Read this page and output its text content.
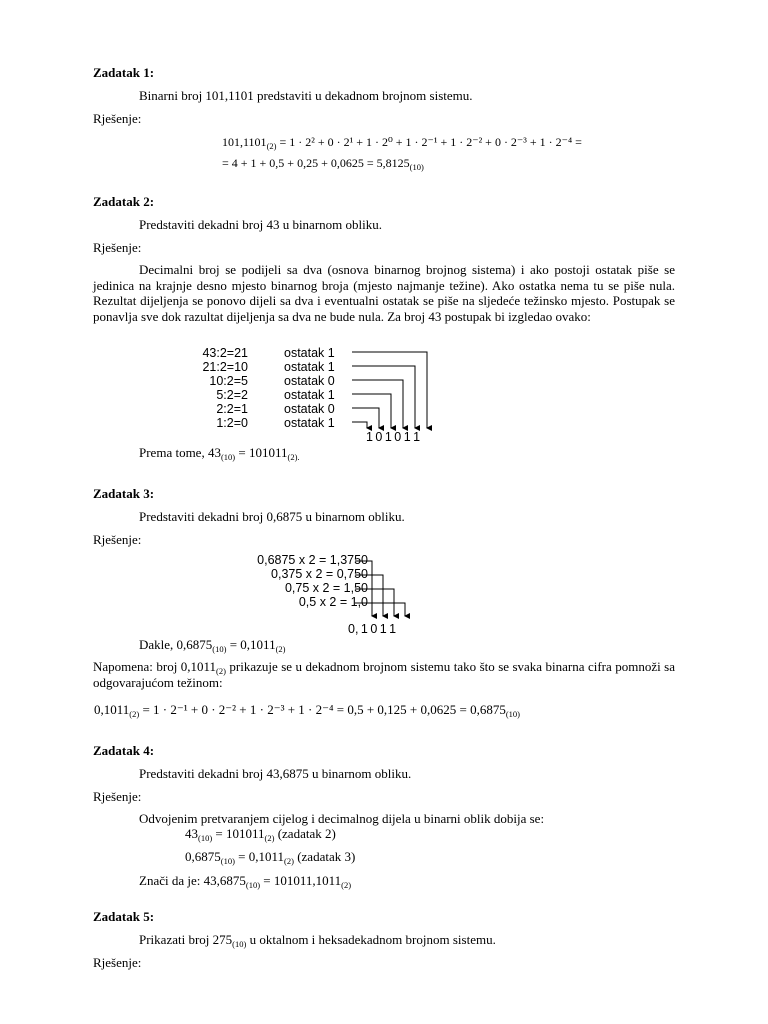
Zadatak 1:
Binarni broj 101,1101 predstaviti u dekadnom brojnom sistemu.
Rješenje:
$101,1101_{(2)} = 1 \cdot 2^2 + 0 \cdot 2^1 + 1 \cdot 2^0 + 1 \cdot 2^{-1} + 1 \cdot 2^{-2} + 0 \cdot 2^{-3} + 1 \cdot 2^{-4}$ =
= $4 + 1 + 0,5 + 0,25 + 0,0625 = 5,8125_{(10)}$
Zadatak 2:
Predstaviti dekadni broj 43 u binarnom obliku.
Rješenje:
Decimalni broj se podijeli sa dva (osnova binarnog brojnog sistema) i ako postoji ostatak piše se jedinica na krajnje desno mjesto binarnog broja (mjesto najmanje težine). Ako ostatka nema tu se piše nula. Rezultat dijeljenja se ponovo dijeli sa dva i eventualni ostatak se piše na sljedeće težinsko mjesto. Postupak se ponavlja sve dok razultat dijeljenja sa dva ne bude nula. Za broj 43 postupak bi izgledao ovako:
43:2=21	ostatak 1
21:2=10	ostatak 1
10:2=5	ostatak 0
5:2=2	ostatak 1
2:2=1	ostatak 0
1:2=0	ostatak 1
1 0 1 0 1 1
Prema tome, $43_{(10)} = 101011_{(2).}$
Zadatak 3:
Predstaviti dekadni broj 0,6875 u binarnom obliku.
Rješenje:
0,6875 x 2 = 1,3750
0,375 x 2 = 0,750
0,75 x 2 = 1,50
0,5 x 2 = 1,0
0, 1 0 1 1
Dakle, $0,6875_{(10)} = 0,1011_{(2)}$
Napomena: broj $0,1011_{(2)}$ prikazuje se u dekadnom brojnom sistemu tako što se svaka binarna cifra pomnoži sa odgovarajućom težinom:
$0,1011_{(2)} = 1 \cdot 2^{-1} + 0 \cdot 2^{-2} + 1 \cdot 2^{-3} + 1 \cdot 2^{-4} = 0,5 + 0,125 + 0,0625 = 0,6875_{(10)}$
Zadatak 4:
Predstaviti dekadni broj 43,6875 u binarnom obliku.
Rješenje:
Odvojenim pretvaranjem cijelog i decimalnog dijela u binarni oblik dobija se:
$43_{(10)} = 101011_{(2)}$ (zadatak 2)
$0,6875_{(10)} = 0,1011_{(2)}$ (zadatak 3)
Znači da je: $43,6875_{(10)} = 101011,1011_{(2)}$
Zadatak 5:
Prikazati broj $275_{(10)}$ u oktalnom i heksadekadnom brojnom sistemu.
Rješenje:
